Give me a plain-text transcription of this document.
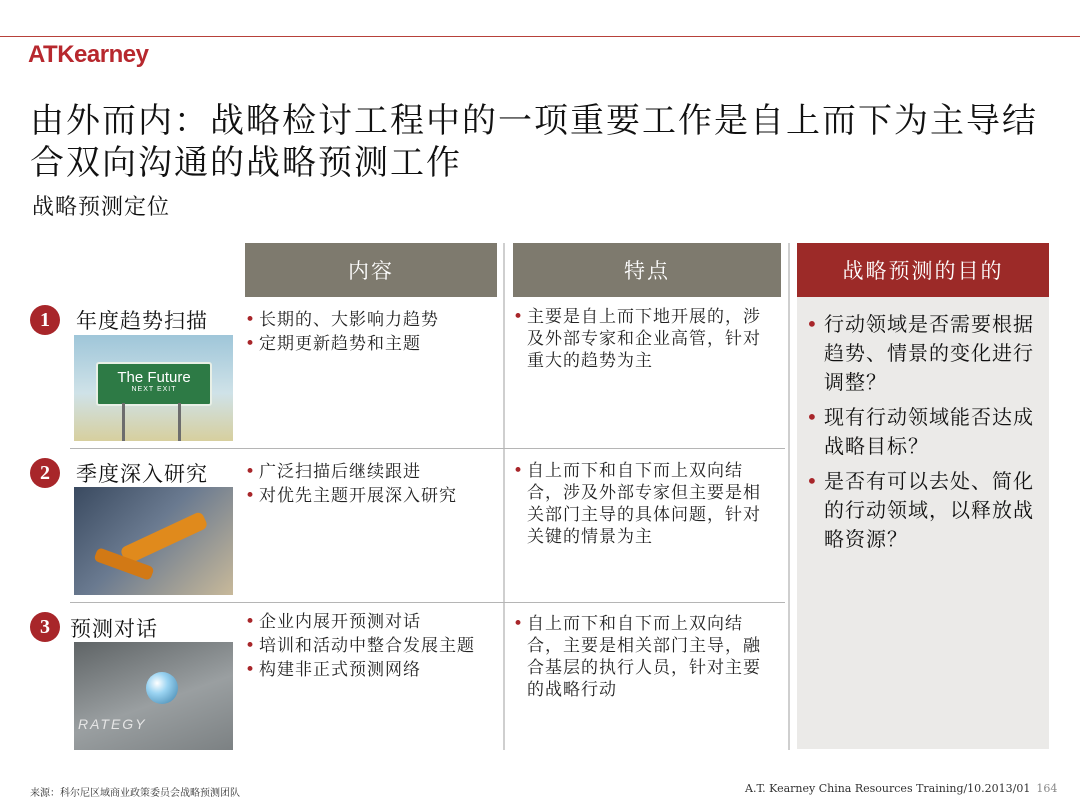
ATKearney
由外而内：战略检讨工程中的一项重要工作是自上而下为主导结合双向沟通的战略预测工作
战略预测定位
内容	特点	战略预测的目的
1	年度趋势扫描
The Future
NEXT EXIT
• 长期的、大影响力趋势
• 定期更新趋势和主题
• 主要是自上而下地开展的，涉及外部专家和企业高管，针对重大的趋势为主
2	季度深入研究
•	广泛扫描后继续跟进
• 对优先主题开展深入研究
• 自上而下和自下而上双向结合，涉及外部专家但主要是相关部门主导的具体问题，针对关键的情景为主
3 预测对话
RATEGY
• 企业内展开预测对话
• 培训和活动中整合发展主题
• 构建非正式预测网络
• 自上而下和自下而上双向结合，主要是相关部门主导，融合基层的执行人员，针对主要的战略行动
• 行动领域是否需要根据趋势、情景的变化进行调整？
• 现有行动领域能否达成战略目标？
• 是否有可以去处、简化的行动领域，以释放战略资源？
来源：科尔尼区域商业政策委员会战略预测团队	A.T. Kearney China Resources Training/10.2013/01 164
